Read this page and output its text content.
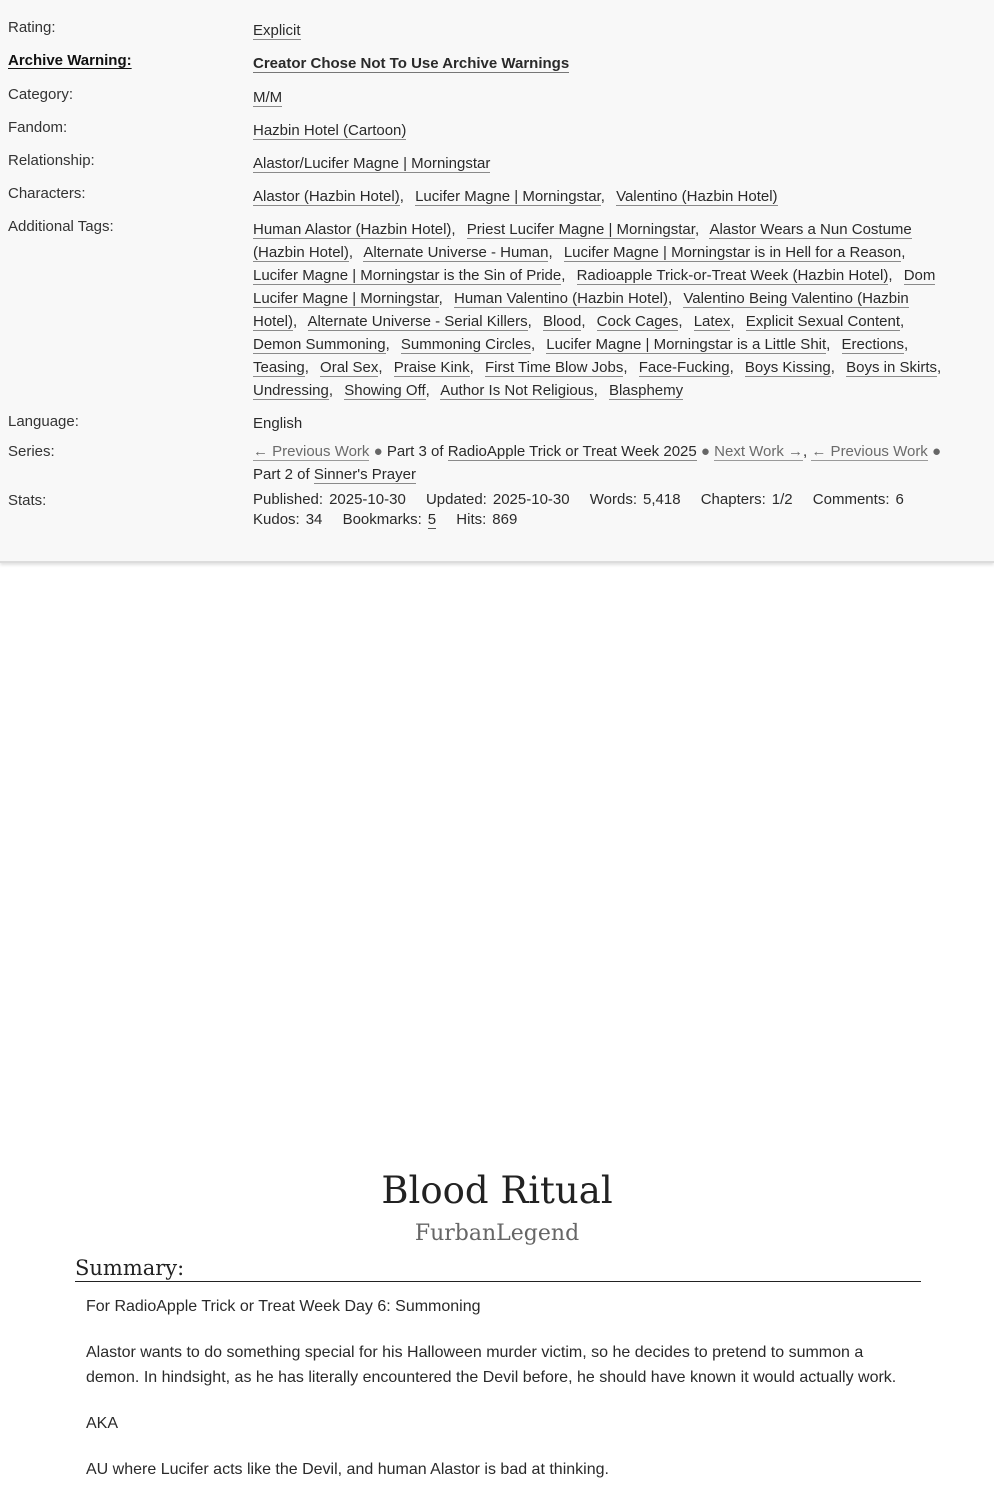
Rating:	Explicit
Archive Warning:	Creator Chose Not To Use Archive Warnings
Category:	M/M
Fandom:	Hazbin Hotel (Cartoon)
Relationship:	Alastor/Lucifer Magne | Morningstar
Characters:	Alastor (Hazbin Hotel), Lucifer Magne | Morningstar, Valentino (Hazbin Hotel)
Additional Tags:	Human Alastor (Hazbin Hotel), Priest Lucifer Magne | Morningstar, Alastor Wears a Nun Costume (Hazbin Hotel), Alternate Universe - Human, Lucifer Magne | Morningstar is in Hell for a Reason, Lucifer Magne | Morningstar is the Sin of Pride, Radioapple Trick-or-Treat Week (Hazbin Hotel), Dom Lucifer Magne | Morningstar, Human Valentino (Hazbin Hotel), Valentino Being Valentino (Hazbin Hotel), Alternate Universe - Serial Killers, Blood, Cock Cages, Latex, Explicit Sexual Content, Demon Summoning, Summoning Circles, Lucifer Magne | Morningstar is a Little Shit, Erections, Teasing, Oral Sex, Praise Kink, First Time Blow Jobs, Face-Fucking, Boys Kissing, Boys in Skirts, Undressing, Showing Off, Author Is Not Religious, Blasphemy
Language:	English
Series:	← Previous Work ● Part 3 of RadioApple Trick or Treat Week 2025 ● Next Work →, ← Previous Work ● Part 2 of Sinner's Prayer
Stats:	Published: 2025-10-30 Updated: 2025-10-30 Words: 5,418 Chapters: 1/2 Comments: 6
Kudos: 34 Bookmarks: 5 Hits: 869
Blood Ritual
FurbanLegend
Summary:

For RadioApple Trick or Treat Week Day 6: Summoning

Alastor wants to do something special for his Halloween murder victim, so he decides to pretend to summon a demon. In hindsight, as he has literally encountered the Devil before, he should have known it would actually work.

AKA

AU where Lucifer acts like the Devil, and human Alastor is bad at thinking.
